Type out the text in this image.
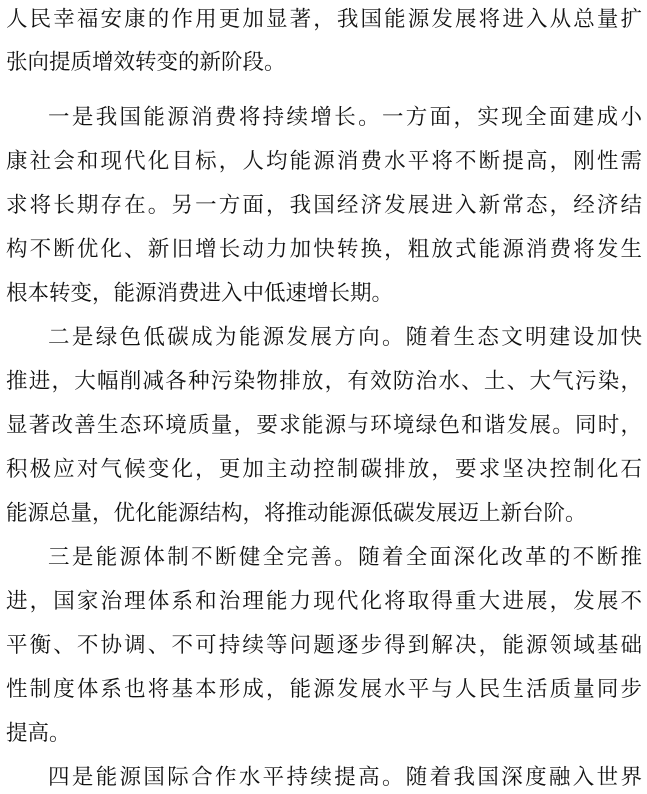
人民幸福安康的作用更加显著，我国能源发展将进入从总量扩
张向提质增效转变的新阶段。
一是我国能源消费将持续增长。一方面，实现全面建成小
康社会和现代化目标，人均能源消费水平将不断提高，刚性需
求将长期存在。另一方面，我国经济发展进入新常态，经济结
构不断优化、新旧增长动力加快转换，粗放式能源消费将发生
根本转变，能源消费进入中低速增长期。
二是绿色低碳成为能源发展方向。随着生态文明建设加快
推进，大幅削减各种污染物排放，有效防治水、土、大气污染，
显著改善生态环境质量，要求能源与环境绿色和谐发展。同时，
积极应对气候变化，更加主动控制碳排放，要求坚决控制化石
能源总量，优化能源结构，将推动能源低碳发展迈上新台阶。
三是能源体制不断健全完善。随着全面深化改革的不断推
进，国家治理体系和治理能力现代化将取得重大进展，发展不
平衡、不协调、不可持续等问题逐步得到解决，能源领域基础
性制度体系也将基本形成，能源发展水平与人民生活质量同步
提高。
四是能源国际合作水平持续提高。随着我国深度融入世界
